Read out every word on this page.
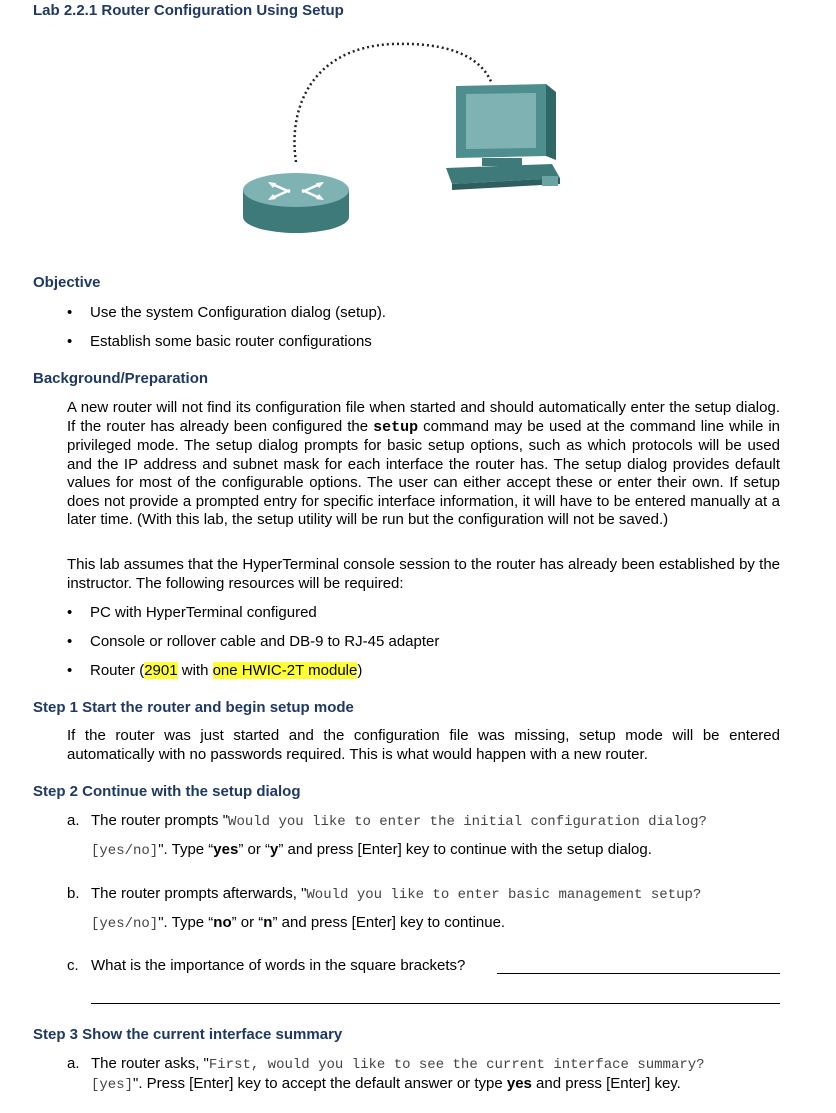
Lab 2.2.1 Router Configuration Using Setup
Objective
• Use the system Configuration dialog (setup).
• Establish some basic router configurations
Background/Preparation

A new router will not find its configuration file when started and should automatically enter the setup dialog. If the router has already been configured the setup command may be used at the command line while in privileged mode. The setup dialog prompts for basic setup options, such as which protocols will be used and the IP address and subnet mask for each interface the router has. The setup dialog provides default values for most of the configurable options. The user can either accept these or enter their own. If setup does not provide a prompted entry for specific interface information, it will have to be entered manually at a later time. (With this lab, the setup utility will be run but the configuration will not be saved.)

This lab assumes that the HyperTerminal console session to the router has already been established by the instructor. The following resources will be required:

• PC with HyperTerminal configured
• Console or rollover cable and DB-9 to RJ-45 adapter
• Router (2901 with one HWIC-2T module)
Step 1 Start the router and begin setup mode

If the router was just started and the configuration file was missing, setup mode will be entered automatically with no passwords required. This is what would happen with a new router.

Step 2 Continue with the setup dialog
a. The router prompts "Would you like to enter the initial configuration dialog?
[yes/no]". Type “yes” or “y” and press [Enter] key to continue with the setup dialog.
b. The router prompts afterwards, "Would you like to enter basic management setup?
[yes/no]". Type “no” or “n” and press [Enter] key to continue.
c. What is the importance of words in the square brackets?
Step 3 Show the current interface summary
a. The router asks, "First, would you like to see the current interface summary?
[yes]". Press [Enter] key to accept the default answer or type yes and press [Enter] key.
